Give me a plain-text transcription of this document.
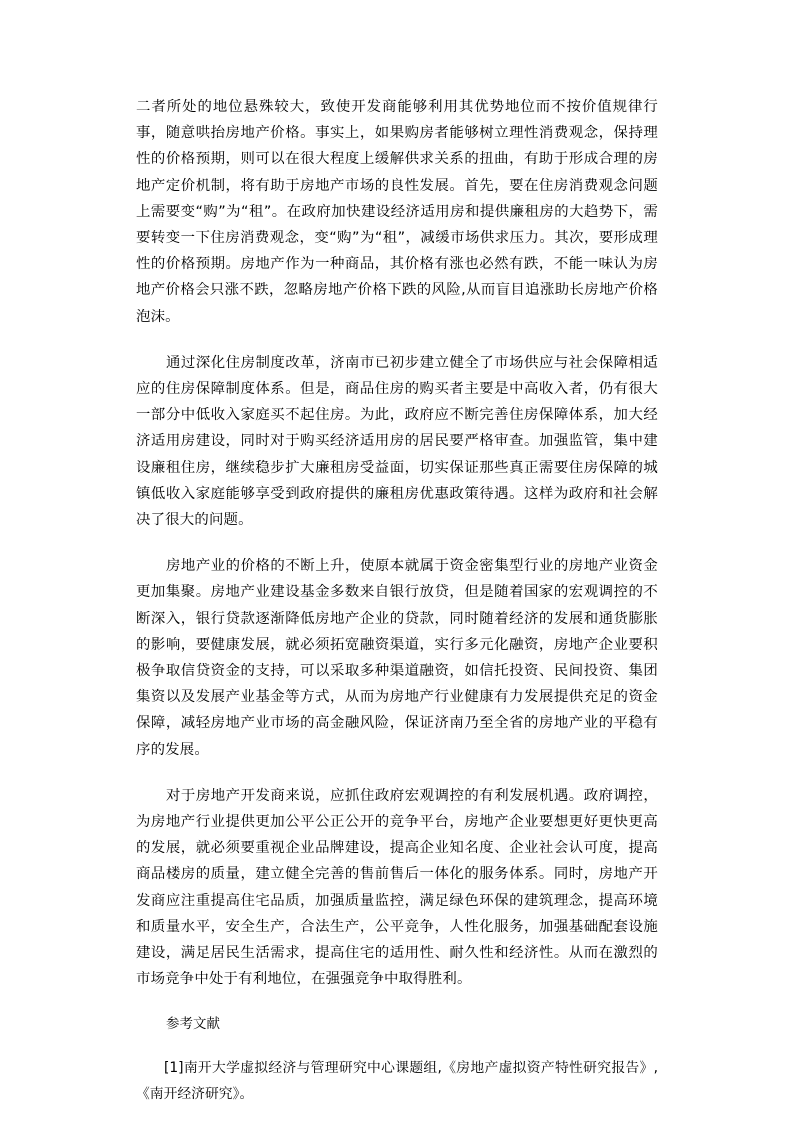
二者所处的地位悬殊较大，致使开发商能够利用其优势地位而不按价值规律行事，随意哄抬房地产价格。事实上，如果购房者能够树立理性消费观念，保持理性的价格预期，则可以在很大程度上缓解供求关系的扭曲，有助于形成合理的房地产定价机制，将有助于房地产市场的良性发展。首先，要在住房消费观念问题上需要变“购”为“租”。在政府加快建设经济适用房和提供廉租房的大趋势下，需要转变一下住房消费观念，变“购”为“租”，减缓市场供求压力。其次，要形成理性的价格预期。房地产作为一种商品，其价格有涨也必然有跌，不能一味认为房地产价格会只涨不跌，忽略房地产价格下跌的风险,从而盲目追涨助长房地产价格泡沫。

通过深化住房制度改革，济南市已初步建立健全了市场供应与社会保障相适应的住房保障制度体系。但是，商品住房的购买者主要是中高收入者，仍有很大一部分中低收入家庭买不起住房。为此，政府应不断完善住房保障体系，加大经济适用房建设，同时对于购买经济适用房的居民要严格审查。加强监管，集中建设廉租住房，继续稳步扩大廉租房受益面，切实保证那些真正需要住房保障的城镇低收入家庭能够享受到政府提供的廉租房优惠政策待遇。这样为政府和社会解决了很大的问题。

房地产业的价格的不断上升，使原本就属于资金密集型行业的房地产业资金更加集聚。房地产业建设基金多数来自银行放贷，但是随着国家的宏观调控的不断深入，银行贷款逐渐降低房地产企业的贷款，同时随着经济的发展和通货膨胀的影响，要健康发展，就必须拓宽融资渠道，实行多元化融资，房地产企业要积极争取信贷资金的支持，可以采取多种渠道融资，如信托投资、民间投资、集团集资以及发展产业基金等方式，从而为房地产行业健康有力发展提供充足的资金保障，减轻房地产业市场的高金融风险，保证济南乃至全省的房地产业的平稳有序的发展。

对于房地产开发商来说，应抓住政府宏观调控的有利发展机遇。政府调控，为房地产行业提供更加公平公正公开的竞争平台，房地产企业要想更好更快更高的发展，就必须要重视企业品牌建设，提高企业知名度、企业社会认可度，提高商品楼房的质量，建立健全完善的售前售后一体化的服务体系。同时，房地产开发商应注重提高住宅品质，加强质量监控，满足绿色环保的建筑理念，提高环境和质量水平，安全生产，合法生产，公平竞争，人性化服务，加强基础配套设施建设，满足居民生活需求，提高住宅的适用性、耐久性和经济性。从而在激烈的市场竞争中处于有利地位，在强强竞争中取得胜利。

参考文献

[1]南开大学虚拟经济与管理研究中心课题组,《房地产虚拟资产特性研究报告》,《南开经济研究》。
